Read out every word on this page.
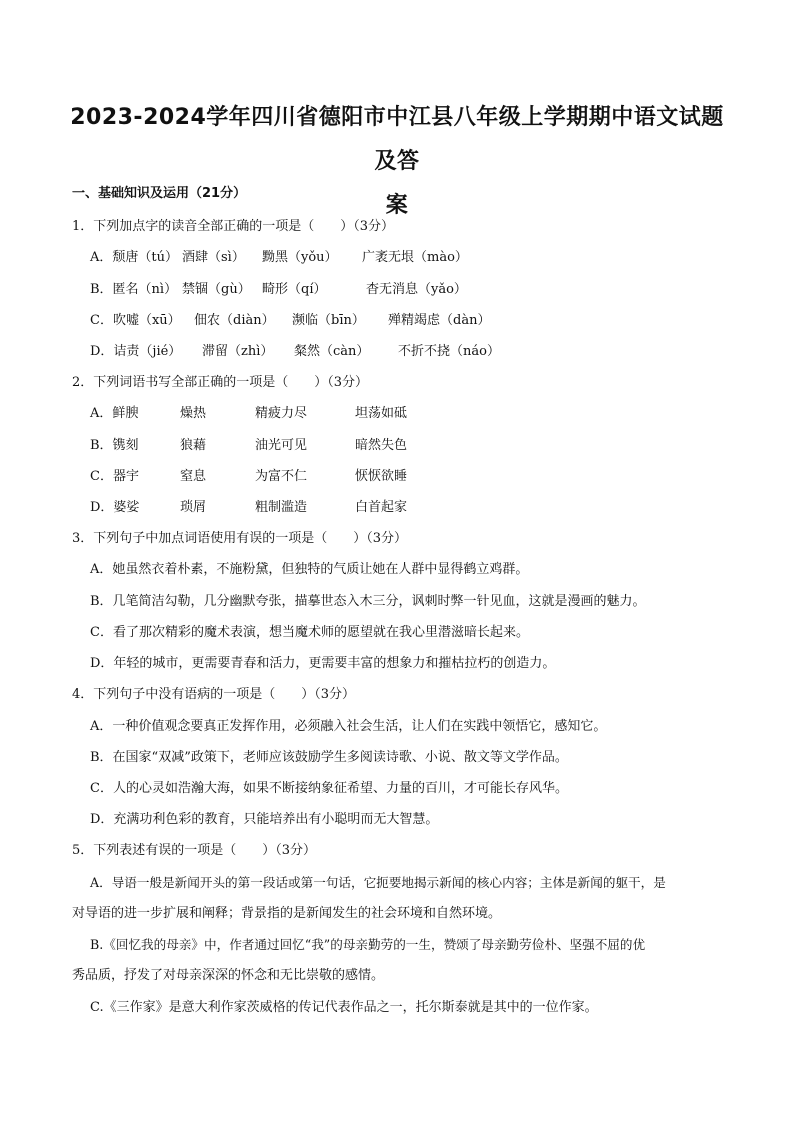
2023-2024学年四川省德阳市中江县八年级上学期期中语文试题及答
案
一、基础知识及运用（21分）
1．下列加点字的读音全部正确的一项是（　　）（3分）
A．颓唐（tú） 酒肆（sì） 黝黑（yǒu） 广袤无垠（mào）
B．匿名（nì） 禁锢（gù） 畸形（qí）	杳无消息（yǎo）
C．吹嘘（xū） 佃农（diàn） 濒临（bīn） 殚精竭虑（dàn）
D．诘责（jié） 滞留（zhì） 粲然（càn） 不折不挠（náo）
2．下列词语书写全部正确的一项是（　　）（3分）
A．鲜腴	燥热	精疲力尽	坦荡如砥
B．镌刻	狼藉	油光可见	暗然失色
C．器宇	窒息	为富不仁	恹恹欲睡
D．婆娑	琐屑	粗制滥造	白首起家
3．下列句子中加点词语使用有误的一项是（　　）（3分）
A．她虽然衣着朴素，不施粉黛，但独特的气质让她在人群中显得鹤立鸡群。
B．几笔简洁勾勒，几分幽默夸张，描摹世态入木三分，讽刺时弊一针见血，这就是漫画的魅力。
C．看了那次精彩的魔术表演，想当魔术师的愿望就在我心里潜滋暗长起来。
D．年轻的城市，更需要青春和活力，更需要丰富的想象力和摧枯拉朽的创造力。
4．下列句子中没有语病的一项是（　　）（3分）
A．一种价值观念要真正发挥作用，必须融入社会生活，让人们在实践中领悟它，感知它。
B．在国家“双减”政策下，老师应该鼓励学生多阅读诗歌、小说、散文等文学作品。
C．人的心灵如浩瀚大海，如果不断接纳象征希望、力量的百川，才可能长存风华。
D．充满功利色彩的教育，只能培养出有小聪明而无大智慧。
5．下列表述有误的一项是（　　）（3分）
A．导语一般是新闻开头的第一段话或第一句话，它扼要地揭示新闻的核心内容；主体是新闻的躯干，是
对导语的进一步扩展和阐释；背景指的是新闻发生的社会环境和自然环境。
B.《回忆我的母亲》中，作者通过回忆“我”的母亲勤劳的一生，赞颂了母亲勤劳俭朴、坚强不屈的优
秀品质，抒发了对母亲深深的怀念和无比崇敬的感情。
C.《三作家》是意大利作家茨威格的传记代表作品之一，托尔斯泰就是其中的一位作家。
